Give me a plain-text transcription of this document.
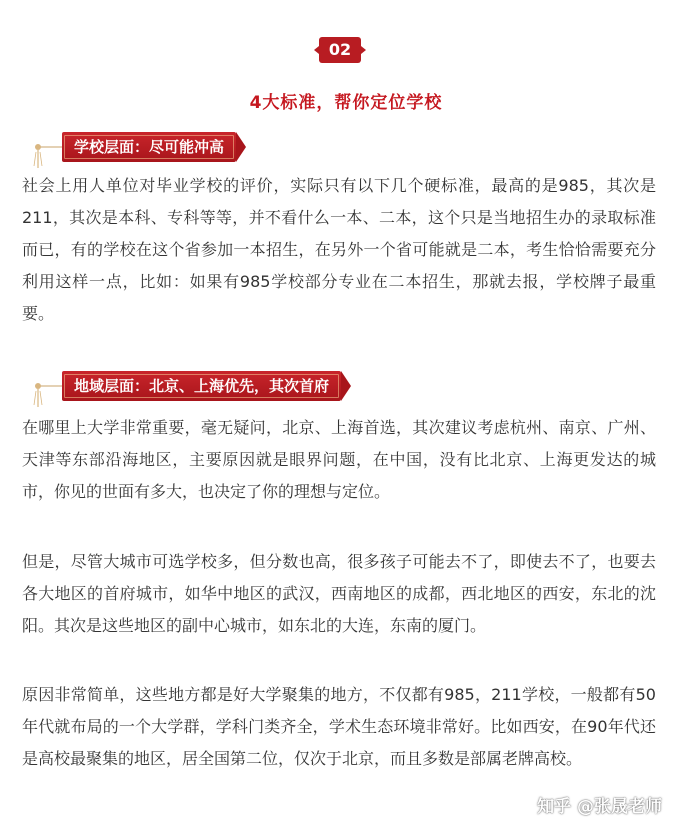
02
4大标准，帮你定位学校
学校层面：尽可能冲高

社会上用人单位对毕业学校的评价，实际只有以下几个硬标准，最高的是985，其次是211，其次是本科、专科等等，并不看什么一本、二本，这个只是当地招生办的录取标准而已，有的学校在这个省参加一本招生，在另外一个省可能就是二本，考生恰恰需要充分利用这样一点，比如：如果有985学校部分专业在二本招生，那就去报，学校牌子最重要。

地域层面：北京、上海优先，其次首府

在哪里上大学非常重要，毫无疑问，北京、上海首选，其次建议考虑杭州、南京、广州、天津等东部沿海地区，主要原因就是眼界问题，在中国，没有比北京、上海更发达的城市，你见的世面有多大，也决定了你的理想与定位。

但是，尽管大城市可选学校多，但分数也高，很多孩子可能去不了，即使去不了，也要去各大地区的首府城市，如华中地区的武汉，西南地区的成都，西北地区的西安，东北的沈阳。其次是这些地区的副中心城市，如东北的大连，东南的厦门。

原因非常简单，这些地方都是好大学聚集的地方，不仅都有985，211学校，一般都有50年代就布局的一个大学群，学科门类齐全，学术生态环境非常好。比如西安，在90年代还是高校最聚集的地区，居全国第二位，仅次于北京，而且多数是部属老牌高校。

知乎 @张晟老师
